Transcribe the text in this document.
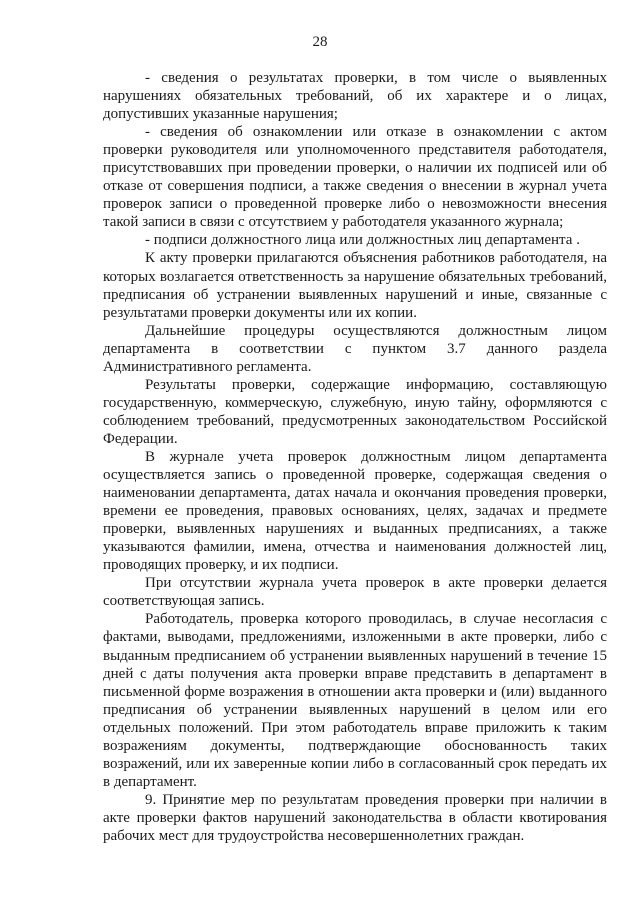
28

- сведения о результатах проверки, в том числе о выявленных нарушениях обязательных требований, об их характере и о лицах, допустивших указанные нарушения;

- сведения об ознакомлении или отказе в ознакомлении с актом проверки руководителя или уполномоченного представителя работодателя, присутствовавших при проведении проверки, о наличии их подписей или об отказе от совершения подписи, а также сведения о внесении в журнал учета проверок записи о проведенной проверке либо о невозможности внесения такой записи в связи с отсутствием у работодателя указанного журнала;

- подписи должностного лица или должностных лиц департамента .

К акту проверки прилагаются объяснения работников работодателя, на которых возлагается ответственность за нарушение обязательных требований, предписания об устранении выявленных нарушений и иные, связанные с результатами проверки документы или их копии.

Дальнейшие процедуры осуществляются должностным лицом департамента в соответствии с пунктом 3.7 данного раздела Административного регламента.

Результаты проверки, содержащие информацию, составляющую государственную, коммерческую, служебную, иную тайну, оформляются с соблюдением требований, предусмотренных законодательством Российской Федерации.

В журнале учета проверок должностным лицом департамента осуществляется запись о проведенной проверке, содержащая сведения о наименовании департамента, датах начала и окончания проведения проверки, времени ее проведения, правовых основаниях, целях, задачах и предмете проверки, выявленных нарушениях и выданных предписаниях, а также указываются фамилии, имена, отчества и наименования должностей лиц, проводящих проверку, и их подписи.

При отсутствии журнала учета проверок в акте проверки делается соответствующая запись.

Работодатель, проверка которого проводилась, в случае несогласия с фактами, выводами, предложениями, изложенными в акте проверки, либо с выданным предписанием об устранении выявленных нарушений в течение 15 дней с даты получения акта проверки вправе представить в департамент в письменной форме возражения в отношении акта проверки и (или) выданного предписания об устранении выявленных нарушений в целом или его отдельных положений. При этом работодатель вправе приложить к таким возражениям документы, подтверждающие обоснованность таких возражений, или их заверенные копии либо в согласованный срок передать их в департамент.

9. Принятие мер по результатам проведения проверки при наличии в акте проверки фактов нарушений законодательства в области квотирования рабочих мест для трудоустройства несовершеннолетних граждан.
